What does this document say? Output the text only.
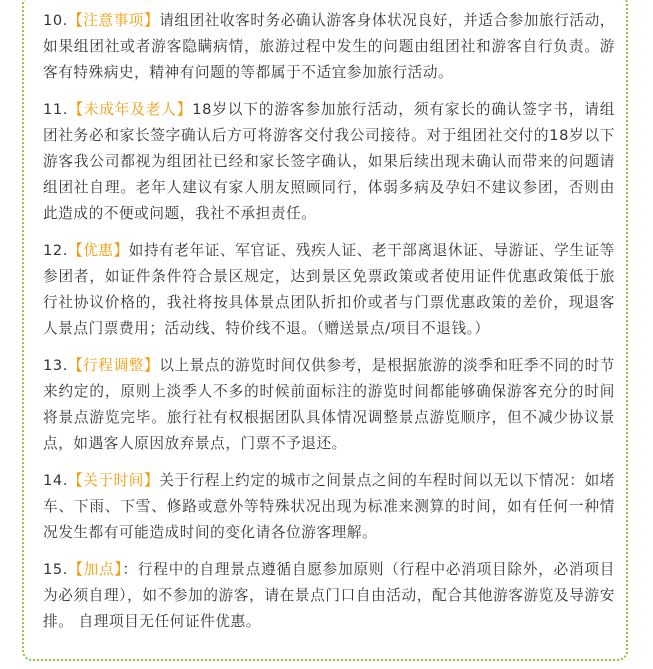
10.【注意事项】请组团社收客时务必确认游客身体状况良好，并适合参加旅行活动，如果组团社或者游客隐瞒病情，旅游过程中发生的问题由组团社和游客自行负责。游客有特殊病史，精神有问题的等都属于不适宜参加旅行活动。

11.【未成年及老人】18岁以下的游客参加旅行活动，须有家长的确认签字书，请组团社务必和家长签字确认后方可将游客交付我公司接待。对于组团社交付的18岁以下游客我公司都视为组团社已经和家长签字确认，如果后续出现未确认而带来的问题请组团社自理。老年人建议有家人朋友照顾同行，体弱多病及孕妇不建议参团，否则由此造成的不便或问题，我社不承担责任。

12.【优惠】如持有老年证、军官证、残疾人证、老干部离退休证、导游证、学生证等参团者，如证件条件符合景区规定，达到景区免票政策或者使用证件优惠政策低于旅行社协议价格的，我社将按具体景点团队折扣价或者与门票优惠政策的差价，现退客人景点门票费用；活动线、特价线不退。（赠送景点/项目不退钱。）

13.【行程调整】以上景点的游览时间仅供参考，是根据旅游的淡季和旺季不同的时节来约定的，原则上淡季人不多的时候前面标注的游览时间都能够确保游客充分的时间将景点游览完毕。旅行社有权根据团队具体情况调整景点游览顺序，但不减少协议景点，如遇客人原因放弃景点，门票不予退还。

14.【关于时间】关于行程上约定的城市之间景点之间的车程时间以无以下情况：如堵车、下雨、下雪、修路或意外等特殊状况出现为标准来测算的时间，如有任何一种情况发生都有可能造成时间的变化请各位游客理解。

15.【加点】：行程中的自理景点遵循自愿参加原则（行程中必消项目除外，必消项目为必须自理），如不参加的游客，请在景点门口自由活动，配合其他游客游览及导游安排。 自理项目无任何证件优惠。
